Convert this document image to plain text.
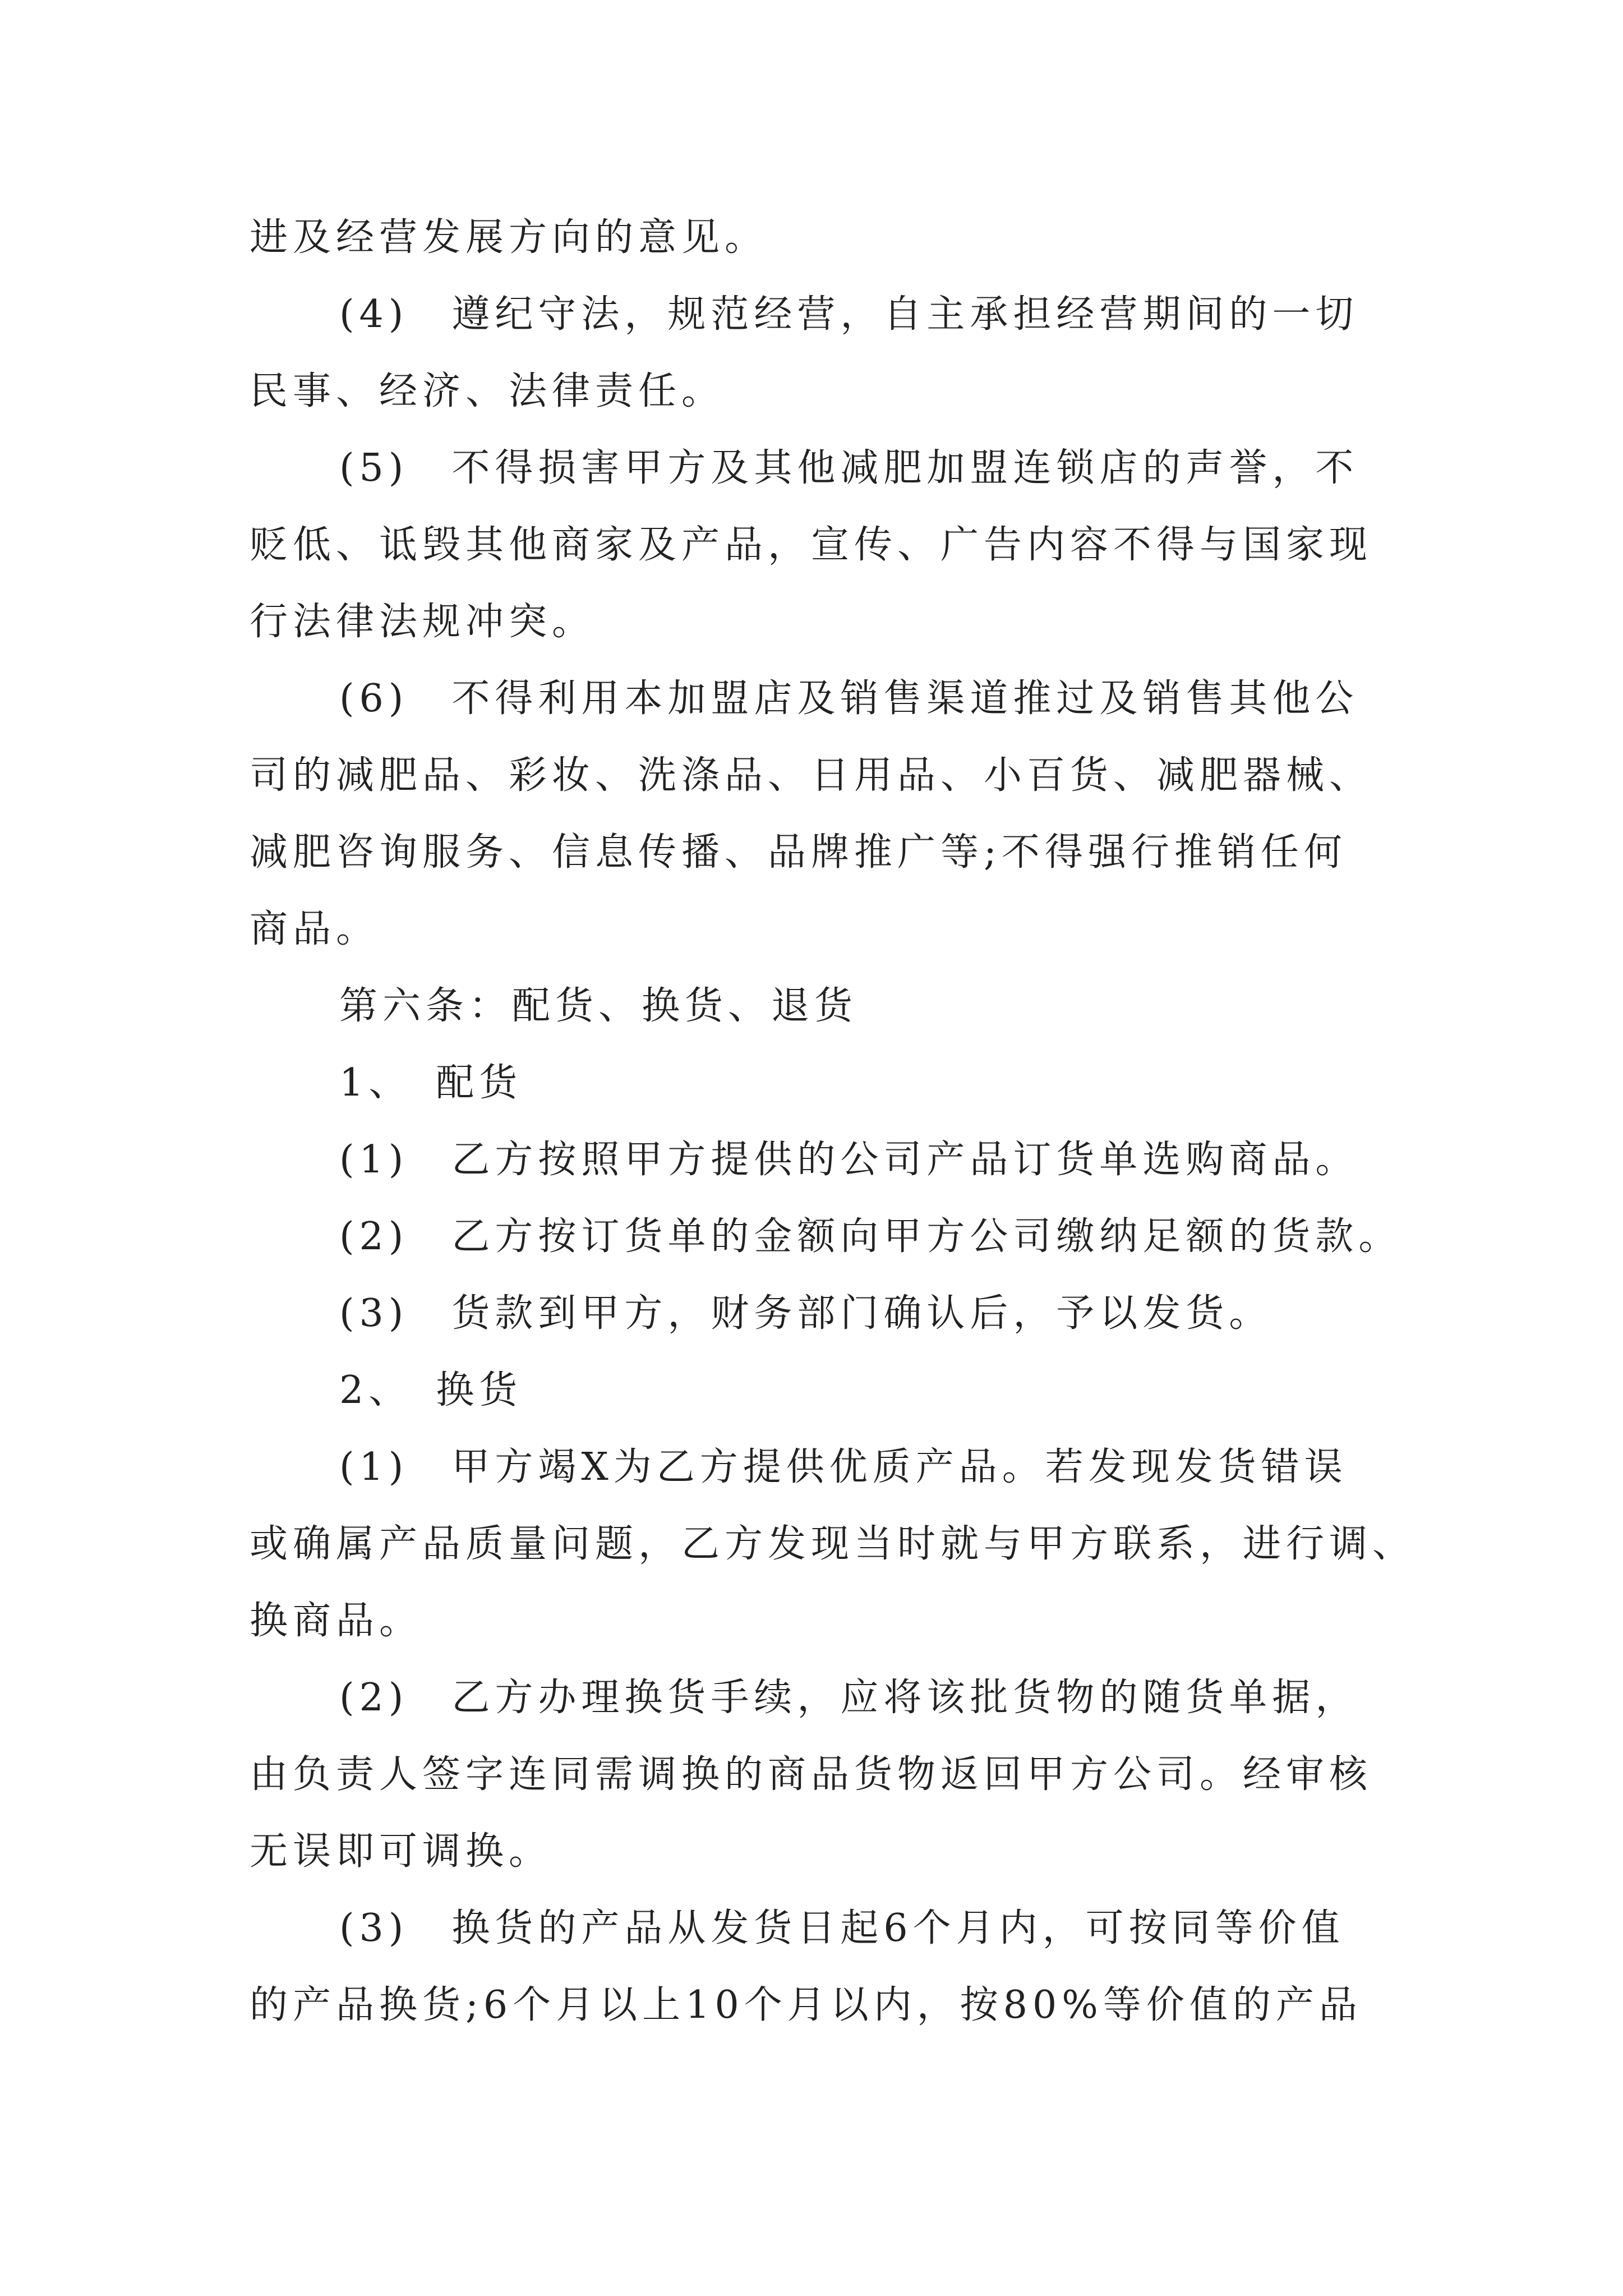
进及经营发展方向的意见。
(4)　遵纪守法，规范经营，自主承担经营期间的一切
民事、经济、法律责任。
(5)　不得损害甲方及其他减肥加盟连锁店的声誉，不
贬低、诋毁其他商家及产品，宣传、广告内容不得与国家现
行法律法规冲突。
(6)　不得利用本加盟店及销售渠道推过及销售其他公
司的减肥品、彩妆、洗涤品、日用品、小百货、减肥器械、
减肥咨询服务、信息传播、品牌推广等;不得强行推销任何
商品。
第六条：配货、换货、退货
1、　配货
(1)　乙方按照甲方提供的公司产品订货单选购商品。
(2)　乙方按订货单的金额向甲方公司缴纳足额的货款。
(3)　货款到甲方，财务部门确认后，予以发货。
2、　换货
(1)　甲方竭X为乙方提供优质产品。若发现发货错误
或确属产品质量问题，乙方发现当时就与甲方联系，进行调、
换商品。
(2)　乙方办理换货手续，应将该批货物的随货单据，
由负责人签字连同需调换的商品货物返回甲方公司。经审核
无误即可调换。
(3)　换货的产品从发货日起6个月内，可按同等价值
的产品换货;6个月以上10个月以内，按80%等价值的产品
